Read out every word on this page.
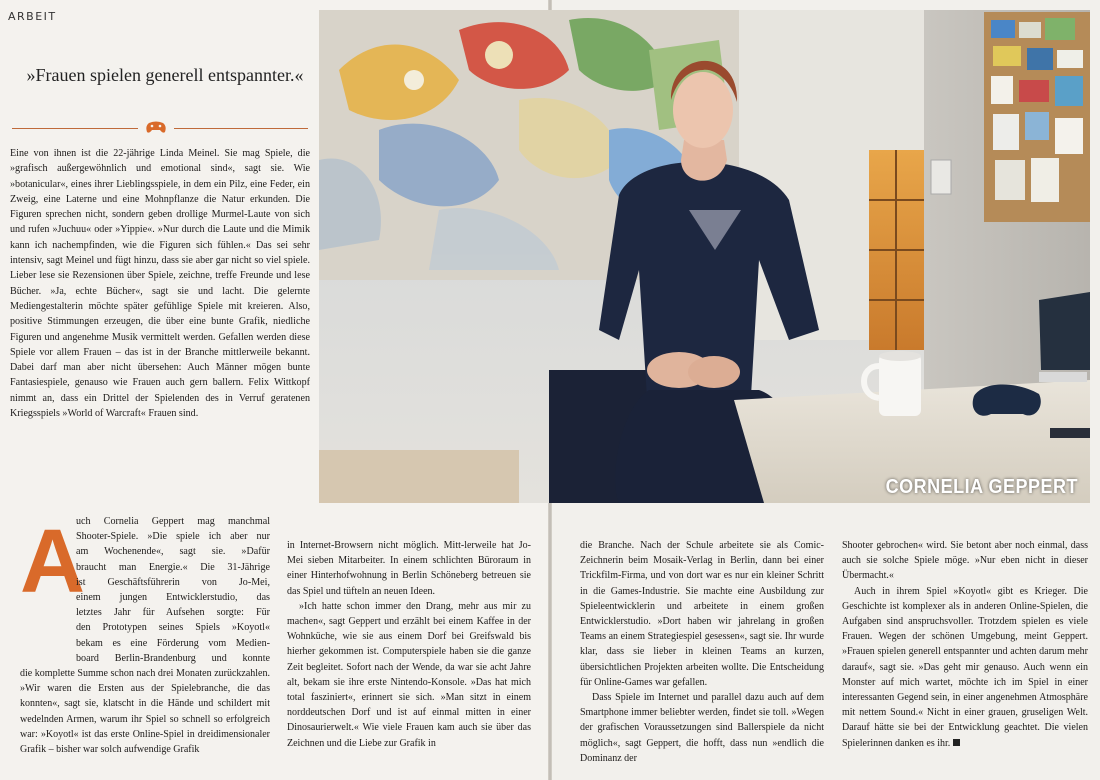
ARBEIT
»Frauen spielen generell entspannter.«

Eine von ihnen ist die 22-jährige Linda Meinel. Sie mag Spiele, die »grafisch außergewöhnlich und emotional sind«, sagt sie. Wie »botanicular«, eines ihrer Lieblingsspiele, in dem ein Pilz, eine Feder, ein Zweig, eine Laterne und eine Mohnpflanze die Natur erkunden. Die Figuren sprechen nicht, sondern geben drollige Murmel-Laute von sich und rufen »Juchuu« oder »Yippie«. »Nur durch die Laute und die Mimik kann ich nachempfinden, wie die Figuren sich fühlen.« Das sei sehr intensiv, sagt Meinel und fügt hinzu, dass sie aber gar nicht so viel spiele. Lieber lese sie Rezensionen über Spiele, zeichne, treffe Freunde und lese Bücher. »Ja, echte Bücher«, sagt sie und lacht. Die gelernte Mediengestalterin möchte später gefühlige Spiele mit kreieren. Also, positive Stimmungen erzeugen, die über eine bunte Grafik, niedliche Figuren und angenehme Musik vermittelt werden. Gefallen werden diese Spiele vor allem Frauen – das ist in der Branche mittlerweile bekannt. Dabei darf man aber nicht übersehen: Auch Männer mögen bunte Fantasiespiele, genauso wie Frauen auch gern ballern. Felix Wittkopf nimmt an, dass ein Drittel der Spielenden des in Verruf geratenen Kriegsspiels »World of Warcraft« Frauen sind.

A
uch Cornelia Geppert mag manchmal
Shooter-Spiele. »Die spiele ich aber nur
am Wochenende«, sagt sie. »Dafür
braucht man Energie.« Die 31-Jährige
ist Geschäftsführerin von Jo-Mei,
einem jungen Entwicklerstudio, das
letztes Jahr für Aufsehen sorgte: Für
den Prototypen seines Spiels »Koyotl«
bekam es eine Förderung vom Medien-
board Berlin-Brandenburg und konnte

die komplette Summe schon nach drei Monaten zurückzahlen. »Wir waren die Ersten aus der Spielebranche, die das konnten«, sagt sie, klatscht in die Hände und schildert mit wedelnden Armen, warum ihr Spiel so schnell so erfolgreich war: »Koyotl« ist das erste Online-Spiel in dreidimensionaler Grafik – bisher war solch aufwendige Grafik

in Internet-Browsern nicht möglich. Mitt-lerweile hat Jo-Mei sieben Mitarbeiter. In einem schlichten Büroraum in einer Hinterhofwohnung in Berlin Schöneberg betreuen sie das Spiel und tüfteln an neuen Ideen.

»Ich hatte schon immer den Drang, mehr aus mir zu machen«, sagt Geppert und erzählt bei einem Kaffee in der Wohnküche, wie sie aus einem Dorf bei Greifswald bis hierher gekommen ist. Computerspiele haben sie die ganze Zeit begleitet. Sofort nach der Wende, da war sie acht Jahre alt, bekam sie ihre erste Nintendo-Konsole. »Das hat mich total fasziniert«, erinnert sie sich. »Man sitzt in einem norddeutschen Dorf und ist auf einmal mitten in einer Dinosaurierwelt.« Wie viele Frauen kam auch sie über das Zeichnen und die Liebe zur Grafik in

die Branche. Nach der Schule arbeitete sie als Comic-Zeichnerin beim Mosaik-Verlag in Berlin, dann bei einer Trickfilm-Firma, und von dort war es nur ein kleiner Schritt in die Games-Industrie. Sie machte eine Ausbildung zur Spieleentwicklerin und arbeitete in einem großen Entwicklerstudio. »Dort haben wir jahrelang in großen Teams an einem Strategiespiel gesessen«, sagt sie. Ihr wurde klar, dass sie lieber in kleinen Teams an kurzen, übersichtlichen Projekten arbeiten wollte. Die Entscheidung für Online-Games war gefallen.

Dass Spiele im Internet und parallel dazu auch auf dem Smartphone immer beliebter werden, findet sie toll. »Wegen der grafischen Voraussetzungen sind Ballerspiele da nicht möglich«, sagt Geppert, die hofft, dass nun »endlich die Dominanz der

Shooter gebrochen« wird. Sie betont aber noch einmal, dass auch sie solche Spiele möge. »Nur eben nicht in dieser Übermacht.«

Auch in ihrem Spiel »Koyotl« gibt es Krieger. Die Geschichte ist komplexer als in anderen Online-Spielen, die Aufgaben sind anspruchsvoller. Trotzdem spielen es viele Frauen. Wegen der schönen Umgebung, meint Geppert. »Frauen spielen generell entspannter und achten darum mehr darauf«, sagt sie. »Das geht mir genauso. Auch wenn ein Monster auf mich wartet, möchte ich im Spiel in einer interessanten Gegend sein, in einer angenehmen Atmosphäre mit nettem Sound.« Nicht in einer grauen, gruseligen Welt. Darauf hätte sie bei der Entwicklung geachtet. Die vielen Spielerinnen danken es ihr.

CORNELIA GEPPERT
